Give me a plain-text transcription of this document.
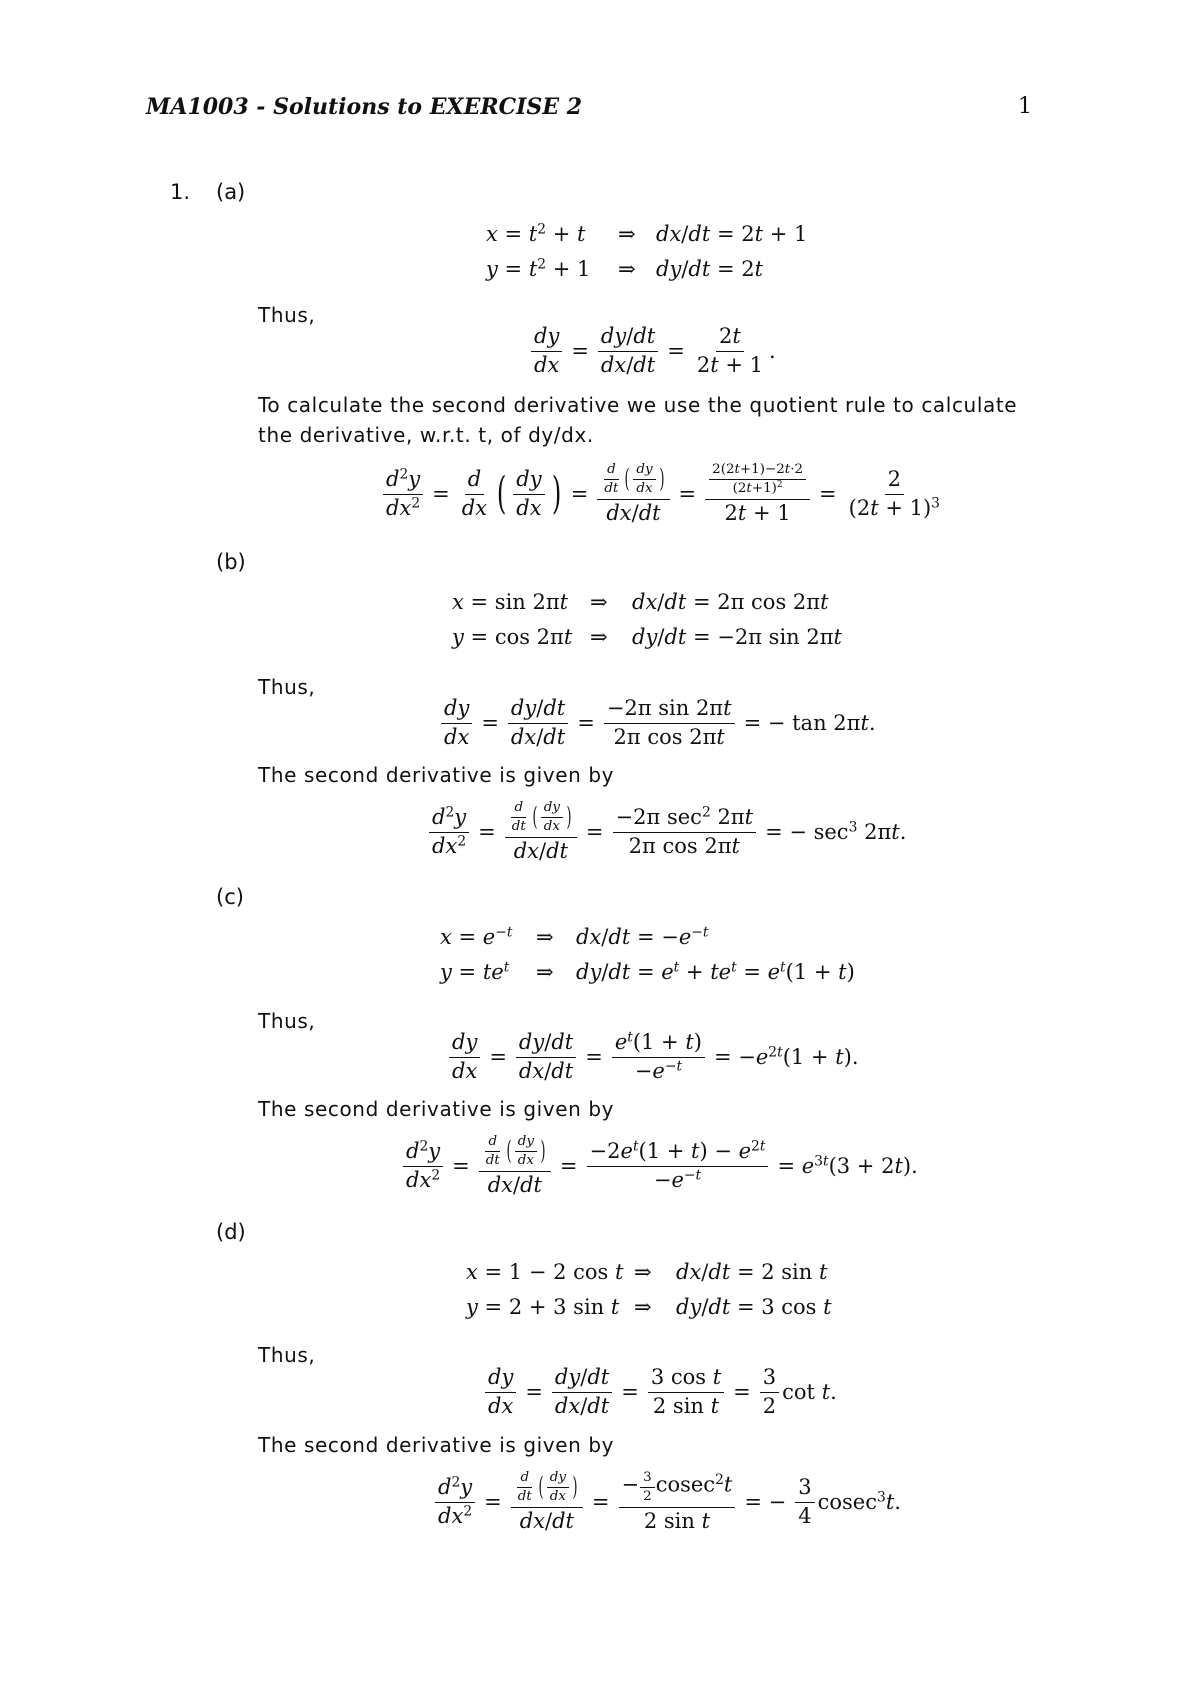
MA1003 - Solutions to EXERCISE 2	1
1. (a)
$x = t^2 + t$ ⇒ dx/dt = 2t + 1
$y = t^2 + 1$ ⇒ dy/dt = 2t
Thus,
$\frac{dy}{dx} = \frac{dy/dt}{dx/dt} = \frac{2t}{2t + 1}$ .
To calculate the second derivative we use the quotient rule to calculate the derivative, w.r.t. t, of dy/dx.
$\frac{d^2y}{dx^2} = \frac{d}{dx}$ ( $\frac{dy}{dx}$ ) = $\frac{d}{dt}$ ( $\frac{dy}{dx}$ )
dx/dt
= $\frac{2(2t+1)-2t\cdot 2}{(2t+1)^2}$
2t + 1
= $\frac{2}{(2t + 1)^3}$
(b)
x = sin 2πt ⇒ dx/dt = 2π cos 2πt
y = cos 2πt ⇒ dy/dt = −2π sin 2πt
Thus,
$\frac{dy}{dx} = \frac{dy/dt}{dx/dt} = \frac{\text{−2π sin 2πt}}{\text{2π cos 2πt}}$ = − tan 2πt.
The second derivative is given by
$\frac{d^2y}{dx^2} = \frac{d}{dt}$ ( $\frac{dy}{dx}$ )
dx/dt
=
−2π $\sec^2 2\pi t$
2π cos 2πt
= − $\sec^3 2\pi t$.
(c)
$x = e^{-t}$ ⇒ $dx/dt = -e^{-t}$
$y = te^t$ ⇒ $dy/dt = e^t + te^t = e^t(1 + t)$
Thus,
$\frac{dy}{dx} = \frac{dy/dt}{dx/dt} = \frac{e^t(1 + t)}{-e^{-t}} = -e^{2t}(1 + t)$.
The second derivative is given by
$\frac{d^2y}{dx^2} = \frac{d}{dt}$ ( $\frac{dy}{dx}$ )
dx/dt
= $\frac{-2e^t(1 + t) - e^{2t}}{-e^{-t}} = e^{3t}(3 + 2t)$.
(d)
x = 1 − 2 cos t ⇒ dx/dt = 2 sin t
y = 2 + 3 sin t ⇒ dy/dt = 3 cos t
Thus,
$\frac{dy}{dx} = \frac{dy/dt}{dx/dt} = \frac{\text{3 cos t}}{\text{2 sin t}} = \frac{3}{2}$ cot t.
The second derivative is given by
$\frac{d^2y}{dx^2} = \frac{d}{dt}$ ( $\frac{dy}{dx}$ )
dx/dt
= $\frac{- \frac{3}{2} cosec^2t}{\text{2 sin t}}$ = − $\frac{3}{4} cosec^3t$.
